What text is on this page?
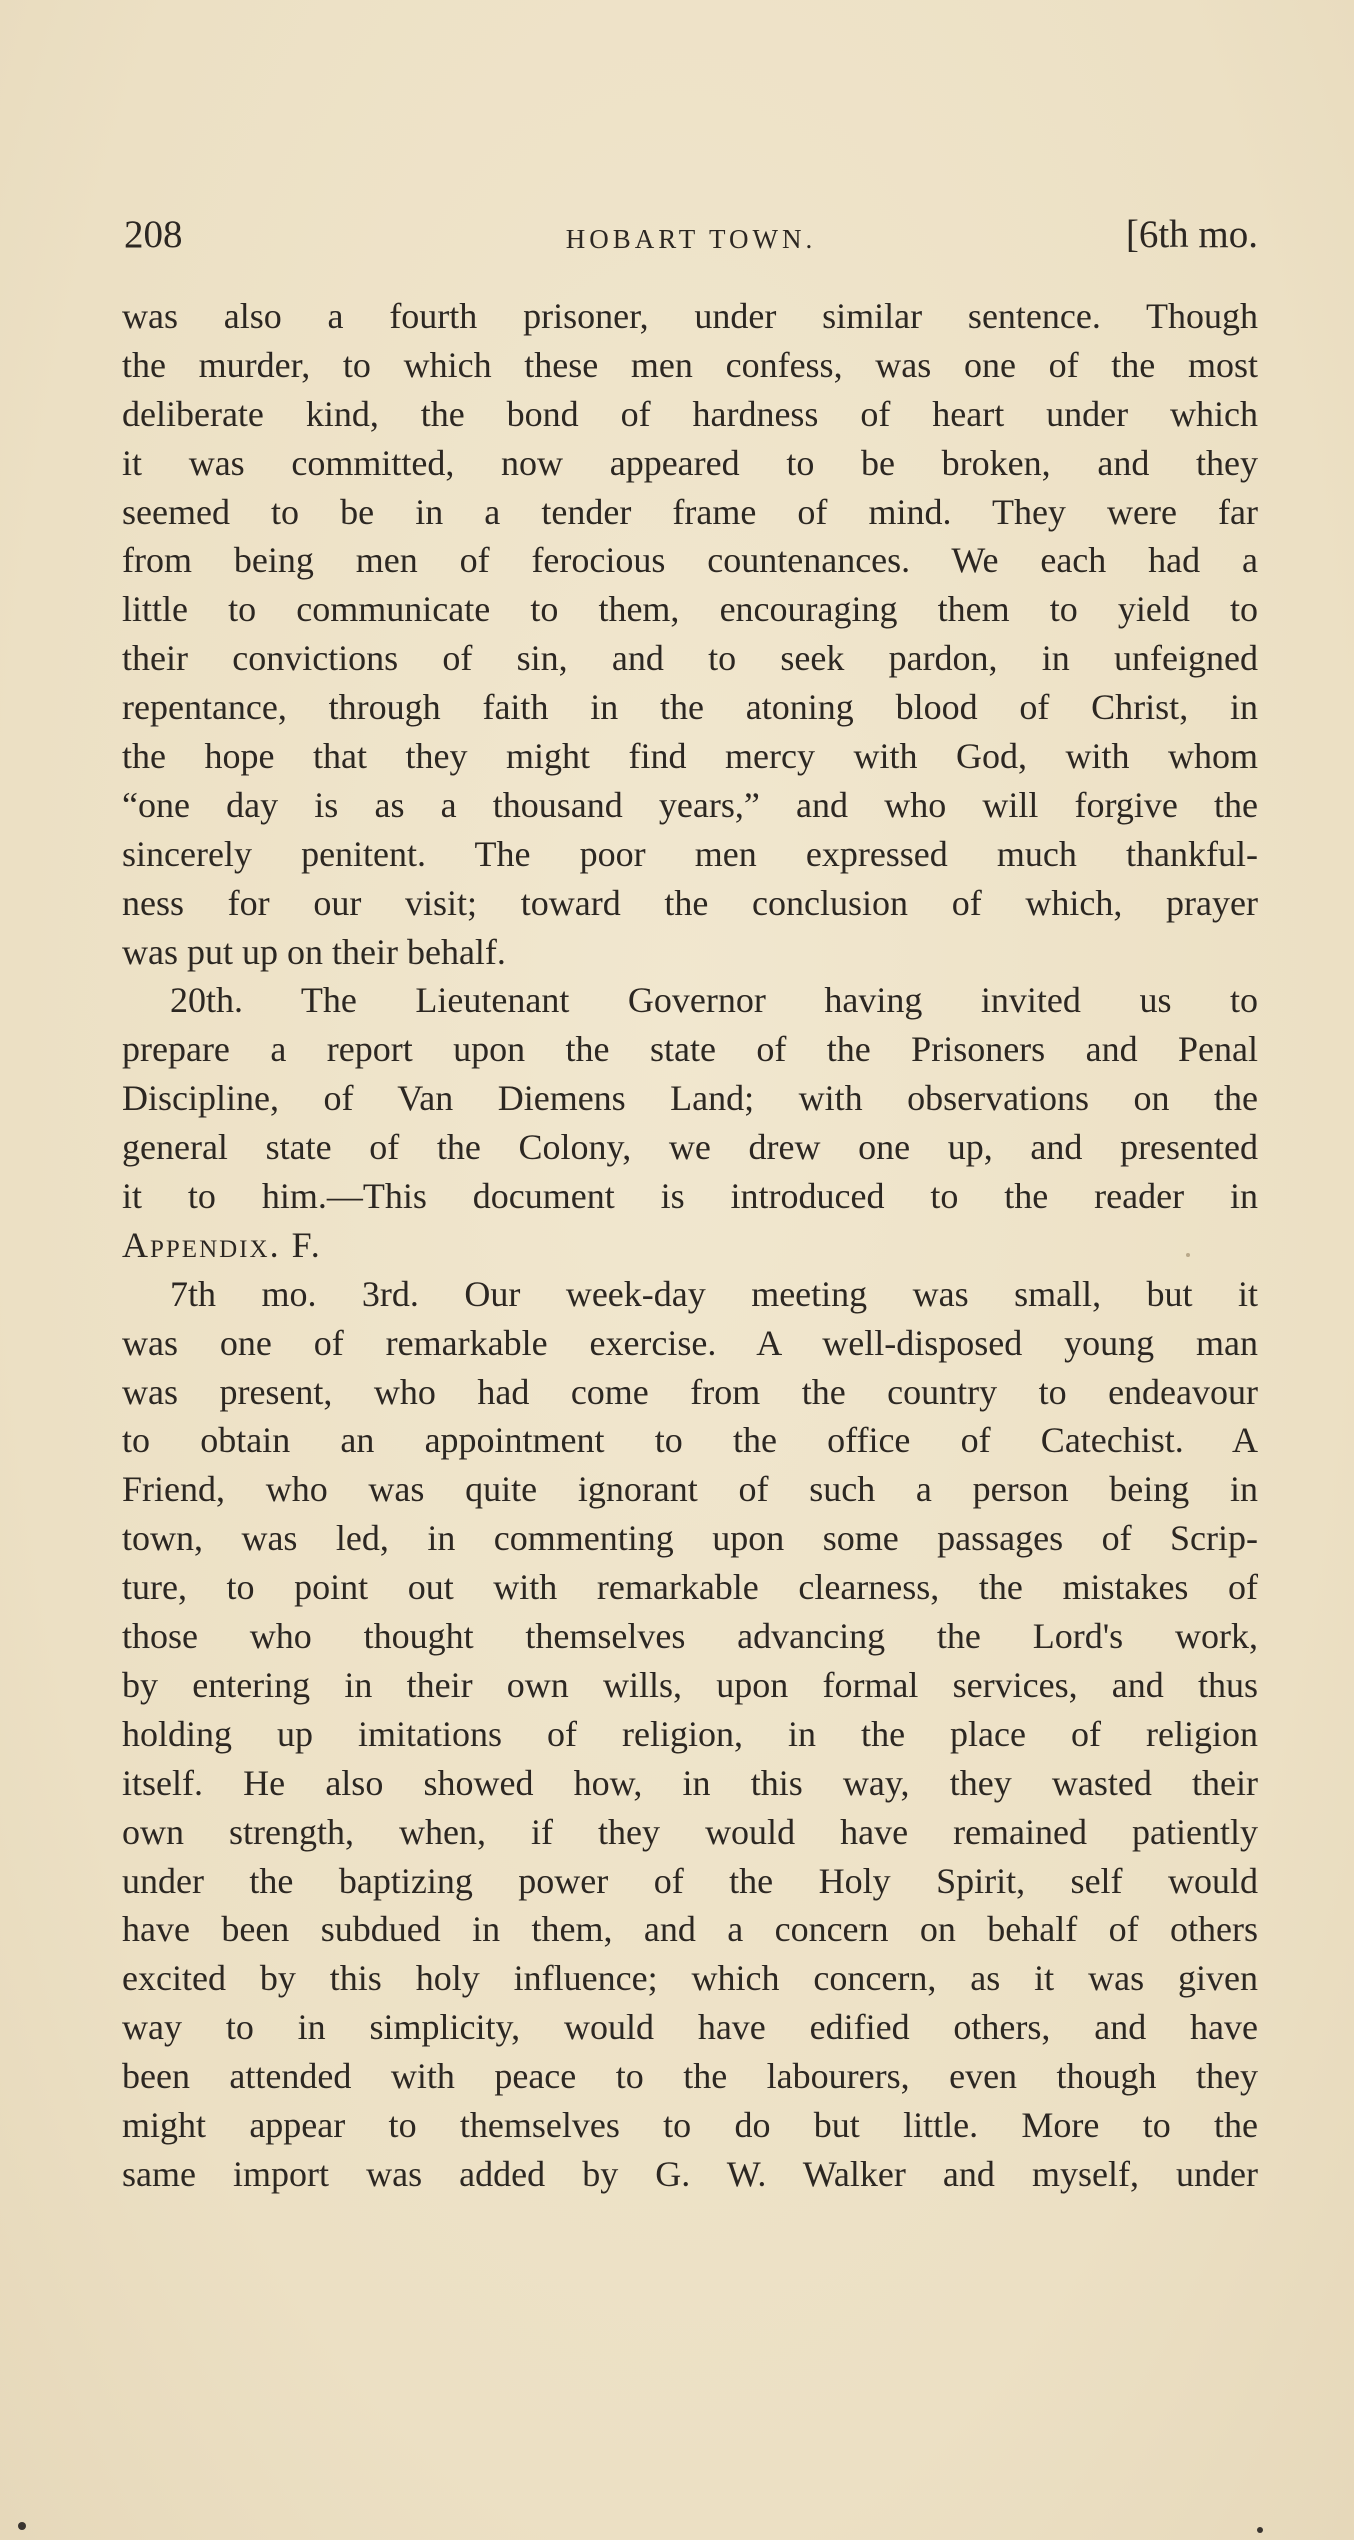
208	HOBART TOWN.	[6th mo.
was also a fourth prisoner, under similar sentence. Though
the murder, to which these men confess, was one of the most
deliberate kind, the bond of hardness of heart under which
it was committed, now appeared to be broken, and they
seemed to be in a tender frame of mind. They were far
from being men of ferocious countenances. We each had a
little to communicate to them, encouraging them to yield to
their convictions of sin, and to seek pardon, in unfeigned
repentance, through faith in the atoning blood of Christ, in
the hope that they might find mercy with God, with whom
“one day is as a thousand years,” and who will forgive the
sincerely penitent. The poor men expressed much thankful-
ness for our visit; toward the conclusion of which, prayer
was put up on their behalf.
20th. The Lieutenant Governor having invited us to
prepare a report upon the state of the Prisoners and Penal
Discipline, of Van Diemens Land; with observations on the
general state of the Colony, we drew one up, and presented
it to him.—This document is introduced to the reader in
Appendix. F.
7th mo. 3rd. Our week-day meeting was small, but it
was one of remarkable exercise. A well-disposed young man
was present, who had come from the country to endeavour
to obtain an appointment to the office of Catechist. A
Friend, who was quite ignorant of such a person being in
town, was led, in commenting upon some passages of Scrip-
ture, to point out with remarkable clearness, the mistakes of
those who thought themselves advancing the Lord's work,
by entering in their own wills, upon formal services, and thus
holding up imitations of religion, in the place of religion
itself. He also showed how, in this way, they wasted their
own strength, when, if they would have remained patiently
under the baptizing power of the Holy Spirit, self would
have been subdued in them, and a concern on behalf of others
excited by this holy influence; which concern, as it was given
way to in simplicity, would have edified others, and have
been attended with peace to the labourers, even though they
might appear to themselves to do but little. More to the
same import was added by G. W. Walker and myself, under
